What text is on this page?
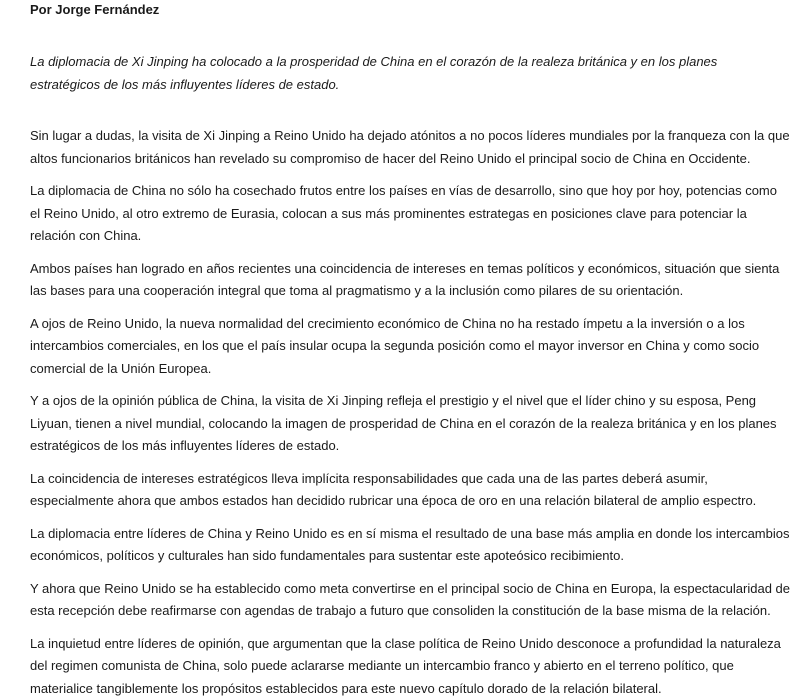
Por Jorge Fernández

La diplomacia de Xi Jinping ha colocado a la prosperidad de China en el corazón de la realeza británica y en los planes estratégicos de los más influyentes líderes de estado.

Sin lugar a dudas, la visita de Xi Jinping a Reino Unido ha dejado atónitos a no pocos líderes mundiales por la franqueza con la que altos funcionarios británicos han revelado su compromiso de hacer del Reino Unido el principal socio de China en Occidente.

La diplomacia de China no sólo ha cosechado frutos entre los países en vías de desarrollo, sino que hoy por hoy, potencias como el Reino Unido, al otro extremo de Eurasia, colocan a sus más prominentes estrategas en posiciones clave para potenciar la relación con China.

Ambos países han logrado en años recientes una coincidencia de intereses en temas políticos y económicos, situación que sienta las bases para una cooperación integral que toma al pragmatismo y a la inclusión como pilares de su orientación.

A ojos de Reino Unido, la nueva normalidad del crecimiento económico de China no ha restado ímpetu a la inversión o a los intercambios comerciales, en los que el país insular ocupa la segunda posición como el mayor inversor en China y como socio comercial de la Unión Europea.

Y a ojos de la opinión pública de China, la visita de Xi Jinping refleja el prestigio y el nivel que el líder chino y su esposa, Peng Liyuan, tienen a nivel mundial, colocando la imagen de prosperidad de China en el corazón de la realeza británica y en los planes estratégicos de los más influyentes líderes de estado.

La coincidencia de intereses estratégicos lleva implícita responsabilidades que cada una de las partes deberá asumir, especialmente ahora que ambos estados han decidido rubricar una época de oro en una relación bilateral de amplio espectro.

La diplomacia entre líderes de China y Reino Unido es en sí misma el resultado de una base más amplia en donde los intercambios económicos, políticos y culturales han sido fundamentales para sustentar este apoteósico recibimiento.

Y ahora que Reino Unido se ha establecido como meta convertirse en el principal socio de China en Europa, la espectacularidad de esta recepción debe reafirmarse con agendas de trabajo a futuro que consoliden la constitución de la base misma de la relación.

La inquietud entre líderes de opinión, que argumentan que la clase política de Reino Unido desconoce a profundidad la naturaleza del regimen comunista de China, solo puede aclararse mediante un intercambio franco y abierto en el terreno político, que materialice tangiblemente los propósitos establecidos para este nuevo capítulo dorado de la relación bilateral.
